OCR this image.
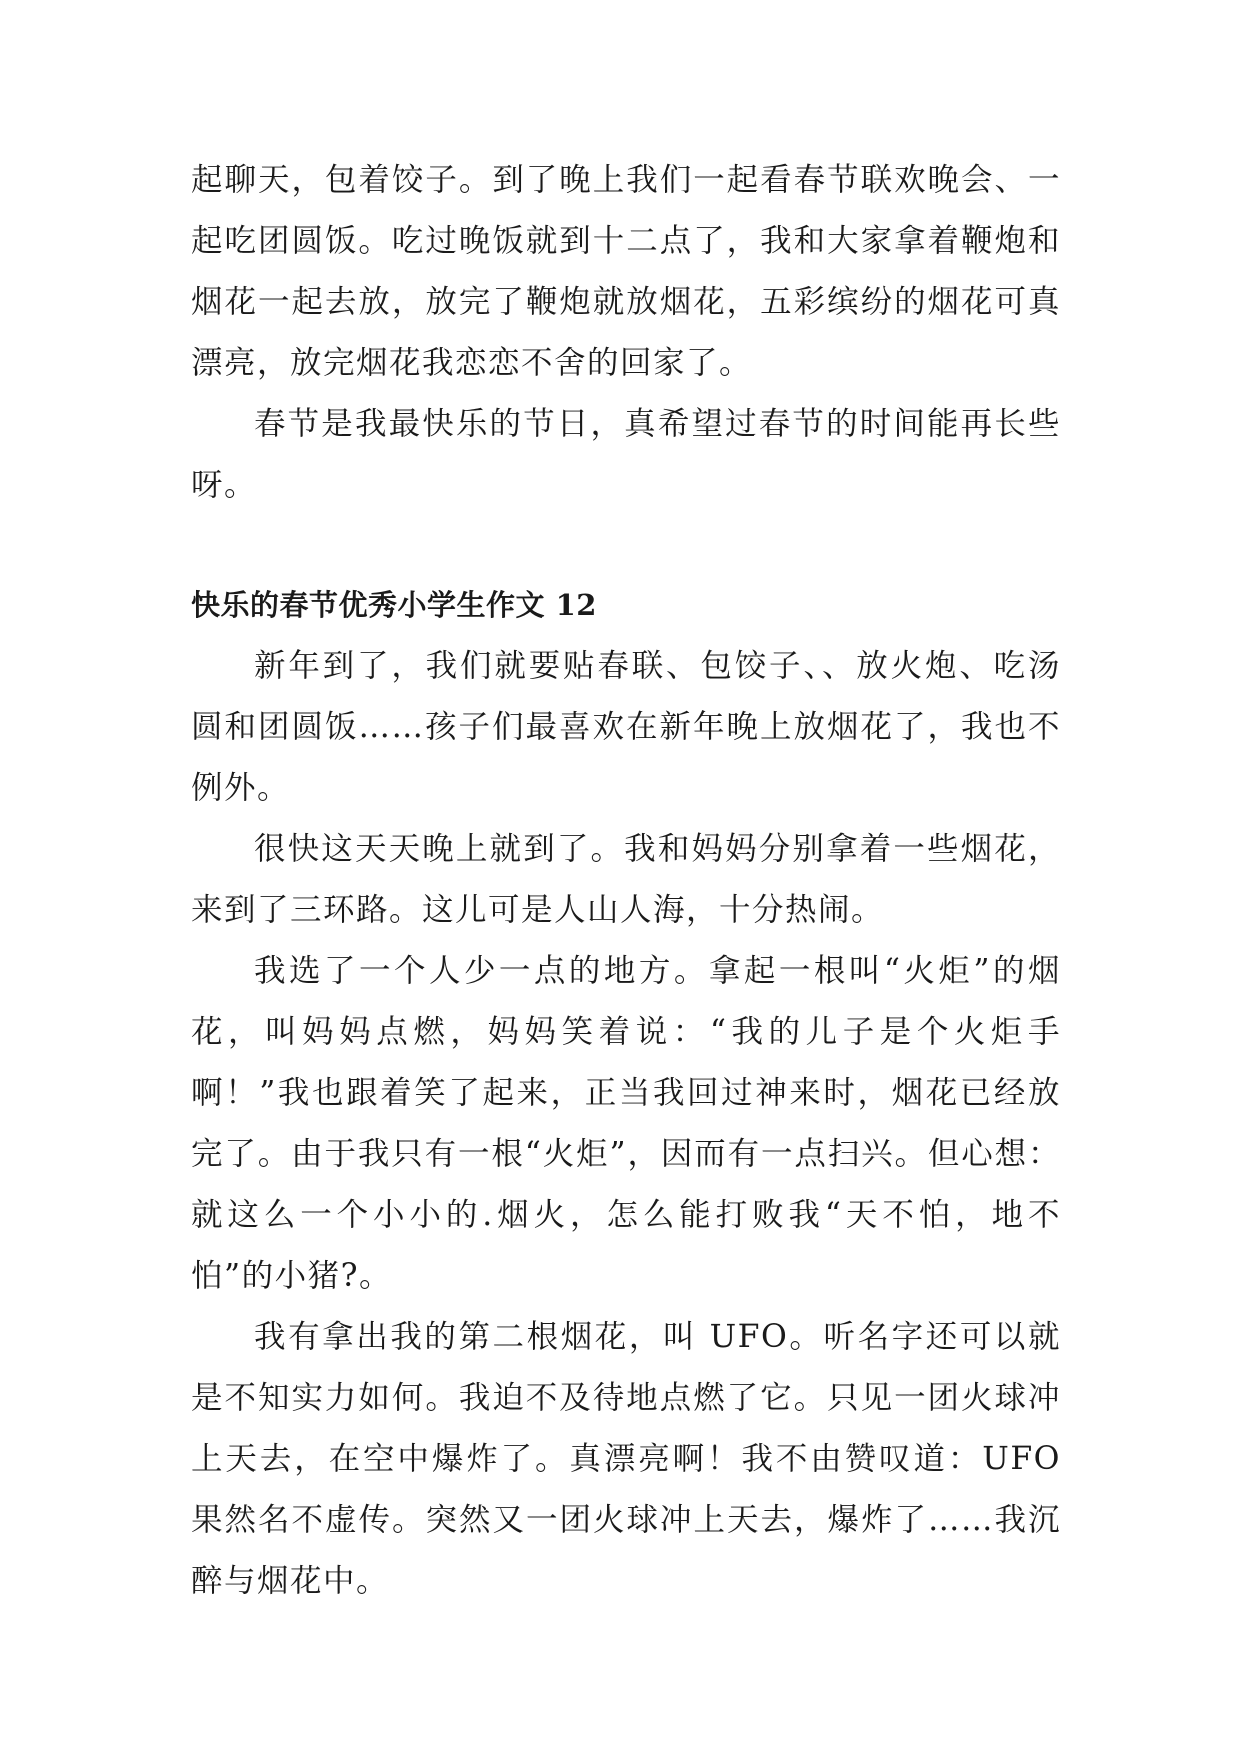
起聊天，包着饺子。到了晚上我们一起看春节联欢晚会、一起吃团圆饭。吃过晚饭就到十二点了，我和大家拿着鞭炮和烟花一起去放，放完了鞭炮就放烟花，五彩缤纷的烟花可真漂亮，放完烟花我恋恋不舍的回家了。

春节是我最快乐的节日，真希望过春节的时间能再长些呀。

快乐的春节优秀小学生作文 12

新年到了，我们就要贴春联、包饺子、、放火炮、吃汤圆和团圆饭……孩子们最喜欢在新年晚上放烟花了，我也不例外。

很快这天天晚上就到了。我和妈妈分别拿着一些烟花，来到了三环路。这儿可是人山人海，十分热闹。

我选了一个人少一点的地方。拿起一根叫“火炬”的烟花，叫妈妈点燃，妈妈笑着说：“我的儿子是个火炬手啊！”我也跟着笑了起来，正当我回过神来时，烟花已经放完了。由于我只有一根“火炬”，因而有一点扫兴。但心想：就这么一个小小的.烟火，怎么能打败我“天不怕，地不怕”的小猪?。

我有拿出我的第二根烟花，叫 UFO。听名字还可以就是不知实力如何。我迫不及待地点燃了它。只见一团火球冲上天去，在空中爆炸了。真漂亮啊！我不由赞叹道：UFO 果然名不虚传。突然又一团火球冲上天去，爆炸了……我沉醉与烟花中。
